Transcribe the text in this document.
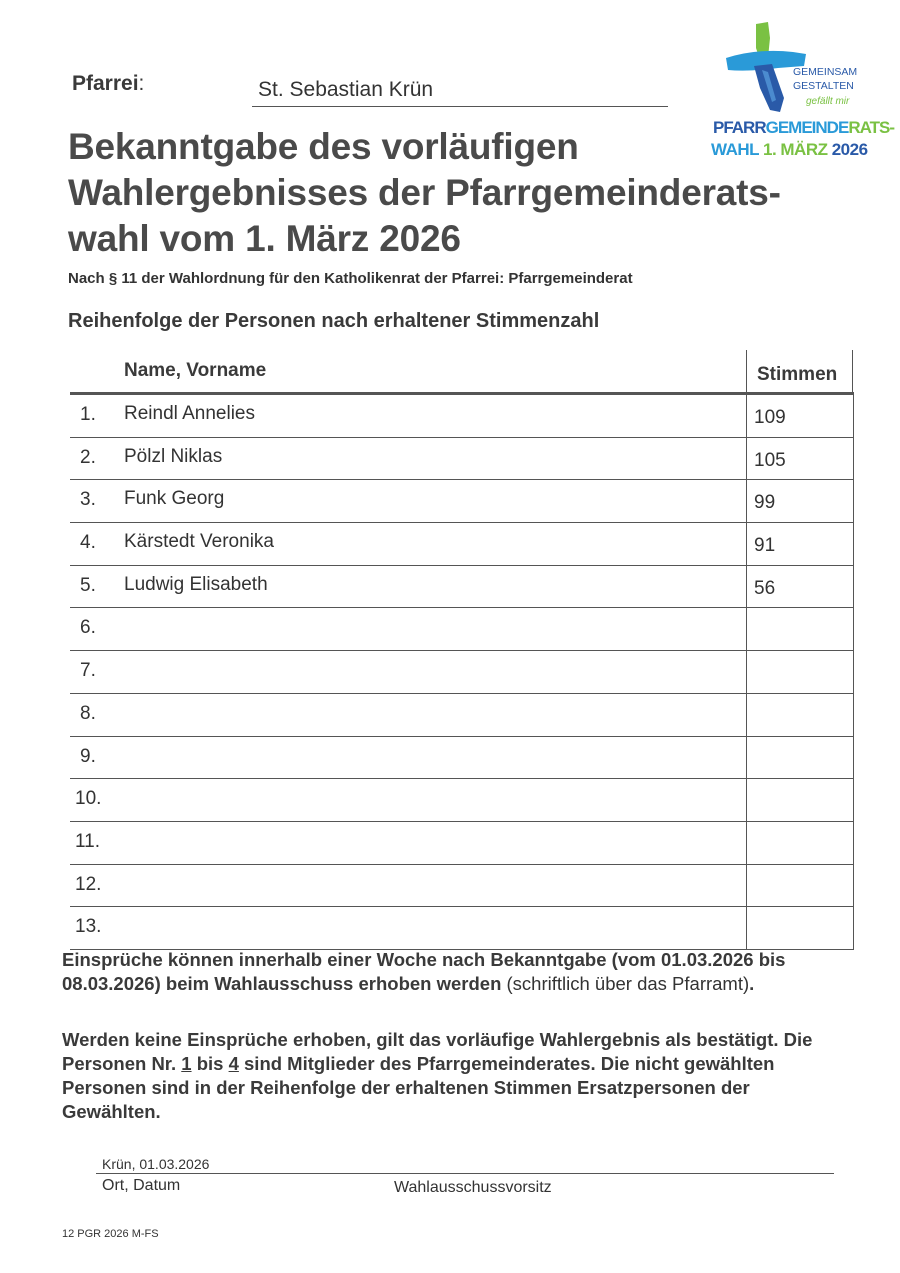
Pfarrei:	St. Sebastian Krün
GEMEINSAM
GESTALTEN
gefällt mir
PFARRGEMEINDERATS-
WAHL 1. MÄRZ 2026
Bekanntgabe des vorläufigen
Wahlergebnisses der Pfarrgemeinderats-
wahl vom 1. März 2026
Nach § 11 der Wahlordnung für den Katholikenrat der Pfarrei: Pfarrgemeinderat
Reihenfolge der Personen nach erhaltener Stimmenzahl
Name, Vorname	Stimmen
1. Reindl Annelies	109
2. Pölzl Niklas	105
3. Funk Georg	99
4. Kärstedt Veronika	91
5. Ludwig Elisabeth	56
6.
7.
8.
9.
10.
11.
12.
13.
Einsprüche können innerhalb einer Woche nach Bekanntgabe (vom 01.03.2026 bis 08.03.2026) beim Wahlausschuss erhoben werden (schriftlich über das Pfarramt).
Werden keine Einsprüche erhoben, gilt das vorläufige Wahlergebnis als bestätigt. Die Personen Nr. 1 bis 4 sind Mitglieder des Pfarrgemeinderates. Die nicht gewählten Personen sind in der Reihenfolge der erhaltenen Stimmen Ersatzpersonen der Gewählten.
Krün, 01.03.2026
Ort, Datum	Wahlausschussvorsitz
12 PGR 2026 M-FS
